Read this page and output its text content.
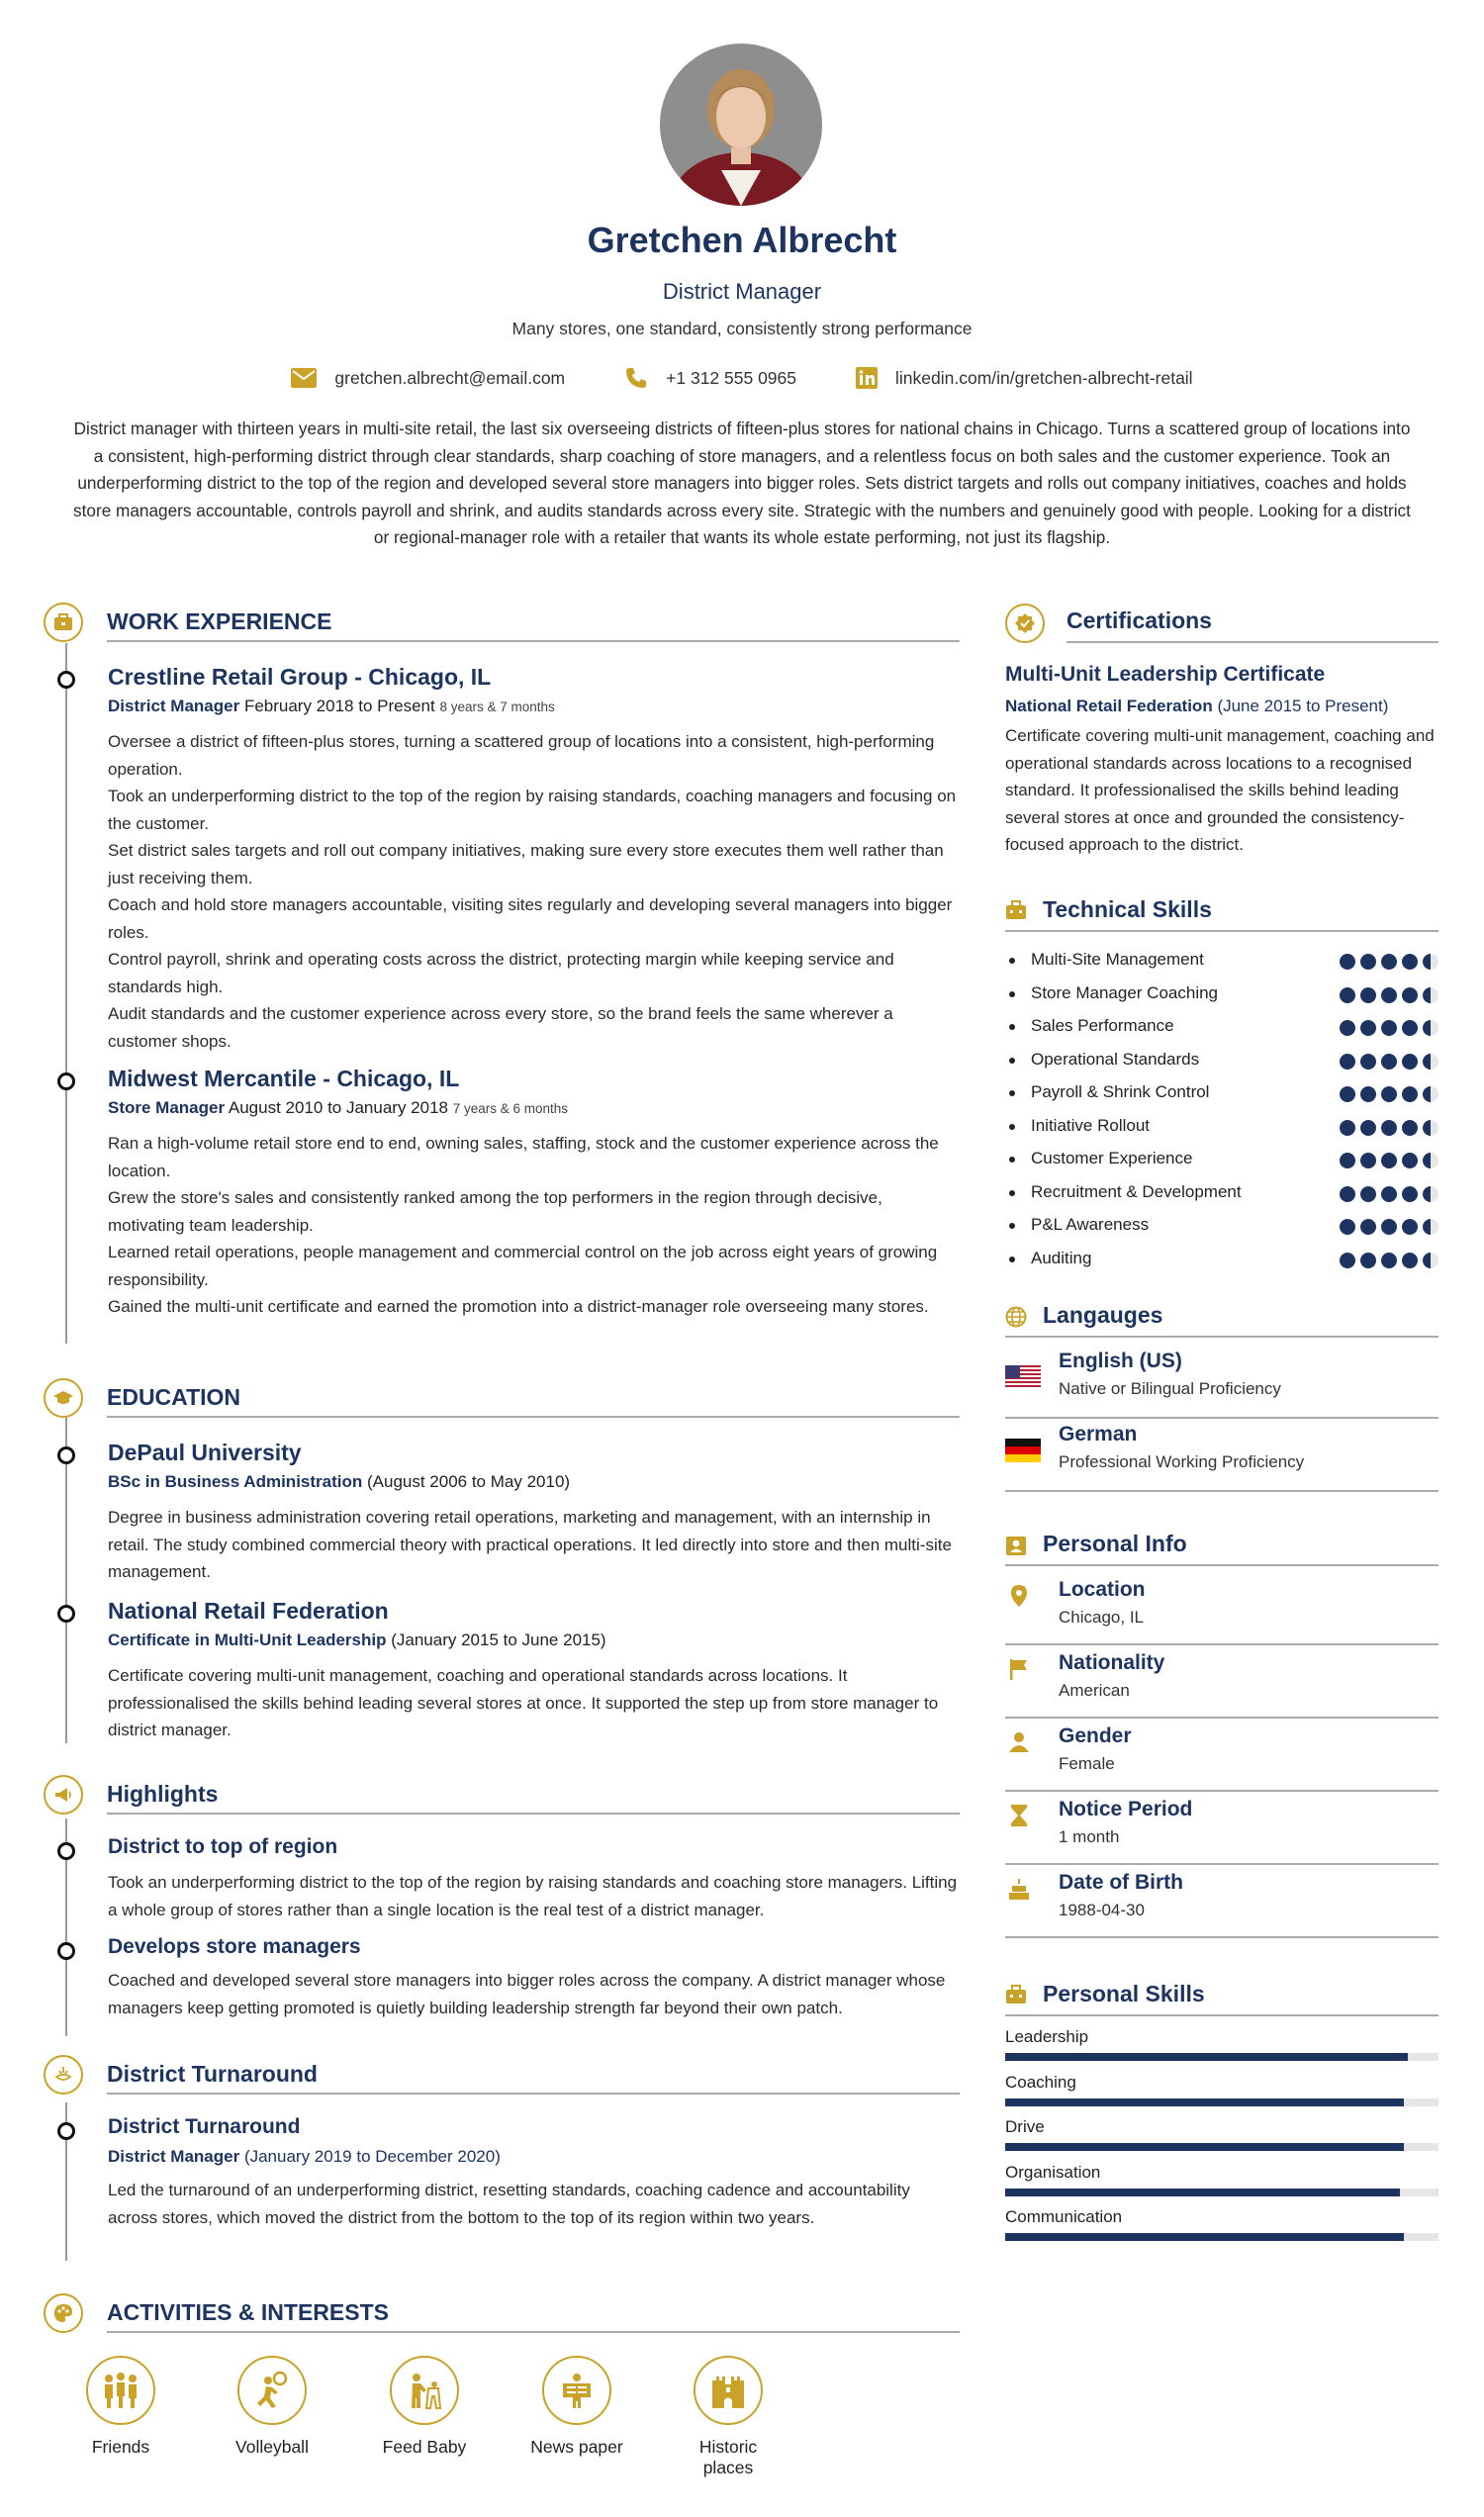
Gretchen Albrecht
District Manager
Many stores, one standard, consistently strong performance
gretchen.albrecht@email.com	+1 312 555 0965	linkedin.com/in/gretchen-albrecht-retail
District manager with thirteen years in multi-site retail, the last six overseeing districts of fifteen-plus stores for national chains in Chicago. Turns a scattered group of locations into a consistent, high-performing district through clear standards, sharp coaching of store managers, and a relentless focus on both sales and the customer experience. Took an underperforming district to the top of the region and developed several store managers into bigger roles. Sets district targets and rolls out company initiatives, coaches and holds store managers accountable, controls payroll and shrink, and audits standards across every site. Strategic with the numbers and genuinely good with people. Looking for a district or regional-manager role with a retailer that wants its whole estate performing, not just its flagship.
WORK EXPERIENCE
Crestline Retail Group - Chicago, IL
District Manager February 2018 to Present 8 years & 7 months
Oversee a district of fifteen-plus stores, turning a scattered group of locations into a consistent, high-performing operation.
Took an underperforming district to the top of the region by raising standards, coaching managers and focusing on the customer.
Set district sales targets and roll out company initiatives, making sure every store executes them well rather than just receiving them.
Coach and hold store managers accountable, visiting sites regularly and developing several managers into bigger roles.
Control payroll, shrink and operating costs across the district, protecting margin while keeping service and standards high.
Audit standards and the customer experience across every store, so the brand feels the same wherever a customer shops.
Midwest Mercantile - Chicago, IL
Store Manager August 2010 to January 2018 7 years & 6 months
Ran a high-volume retail store end to end, owning sales, staffing, stock and the customer experience across the location.
Grew the store's sales and consistently ranked among the top performers in the region through decisive, motivating team leadership.
Learned retail operations, people management and commercial control on the job across eight years of growing responsibility.
Gained the multi-unit certificate and earned the promotion into a district-manager role overseeing many stores.
EDUCATION
DePaul University
BSc in Business Administration (August 2006 to May 2010)
Degree in business administration covering retail operations, marketing and management, with an internship in retail. The study combined commercial theory with practical operations. It led directly into store and then multi-site management.
National Retail Federation
Certificate in Multi-Unit Leadership (January 2015 to June 2015)
Certificate covering multi-unit management, coaching and operational standards across locations. It professionalised the skills behind leading several stores at once. It supported the step up from store manager to district manager.
Highlights
District to top of region
Took an underperforming district to the top of the region by raising standards and coaching store managers. Lifting a whole group of stores rather than a single location is the real test of a district manager.
Develops store managers
Coached and developed several store managers into bigger roles across the company. A district manager whose managers keep getting promoted is quietly building leadership strength far beyond their own patch.
District Turnaround
District Turnaround
District Manager (January 2019 to December 2020)
Led the turnaround of an underperforming district, resetting standards, coaching cadence and accountability across stores, which moved the district from the bottom to the top of its region within two years.
ACTIVITIES & INTERESTS
Friends	Volleyball	Feed Baby	News paper	Historic places
Certifications
Multi-Unit Leadership Certificate
National Retail Federation (June 2015 to Present)
Certificate covering multi-unit management, coaching and operational standards across locations to a recognised standard. It professionalised the skills behind leading several stores at once and grounded the consistency-focused approach to the district.
Technical Skills
Multi-Site Management
Store Manager Coaching
Sales Performance
Operational Standards
Payroll & Shrink Control
Initiative Rollout
Customer Experience
Recruitment & Development
P&L Awareness
Auditing
Langauges
English (US)
Native or Bilingual Proficiency
German
Professional Working Proficiency
Personal Info
Location
Chicago, IL
Nationality
American
Gender
Female
Notice Period
1 month
Date of Birth
1988-04-30
Personal Skills
Leadership
Coaching
Drive
Organisation
Communication
